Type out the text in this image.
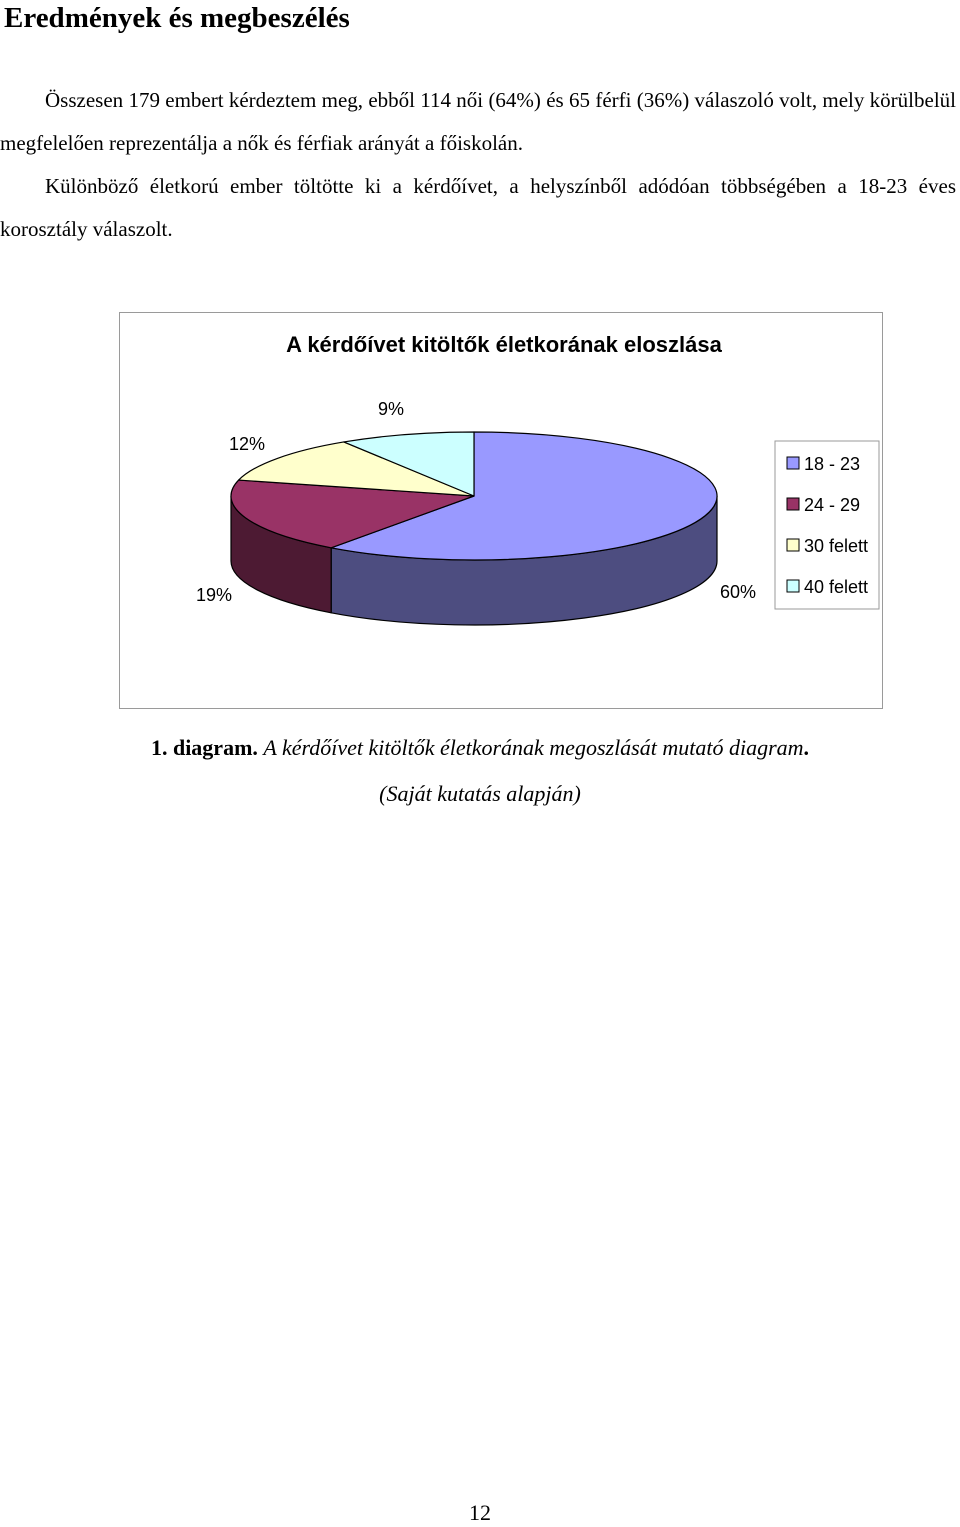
Eredmények és megbeszélés

Összesen 179 embert kérdeztem meg, ebből 114 női (64%) és 65 férfi (36%) válaszoló volt, mely körülbelül megfelelően reprezentálja a nők és férfiak arányát a főiskolán.

Különböző életkorú ember töltötte ki a kérdőívet, a helyszínből adódóan többségében a 18-23 éves korosztály válaszolt.

A kérdőívet kitöltők életkorának eloszlása
60%
19%
12%
9%
18 - 23
24 - 29
30 felett
40 felett

1. diagram. A kérdőívet kitöltők életkorának megoszlását mutató diagram.

(Saját kutatás alapján)

12
